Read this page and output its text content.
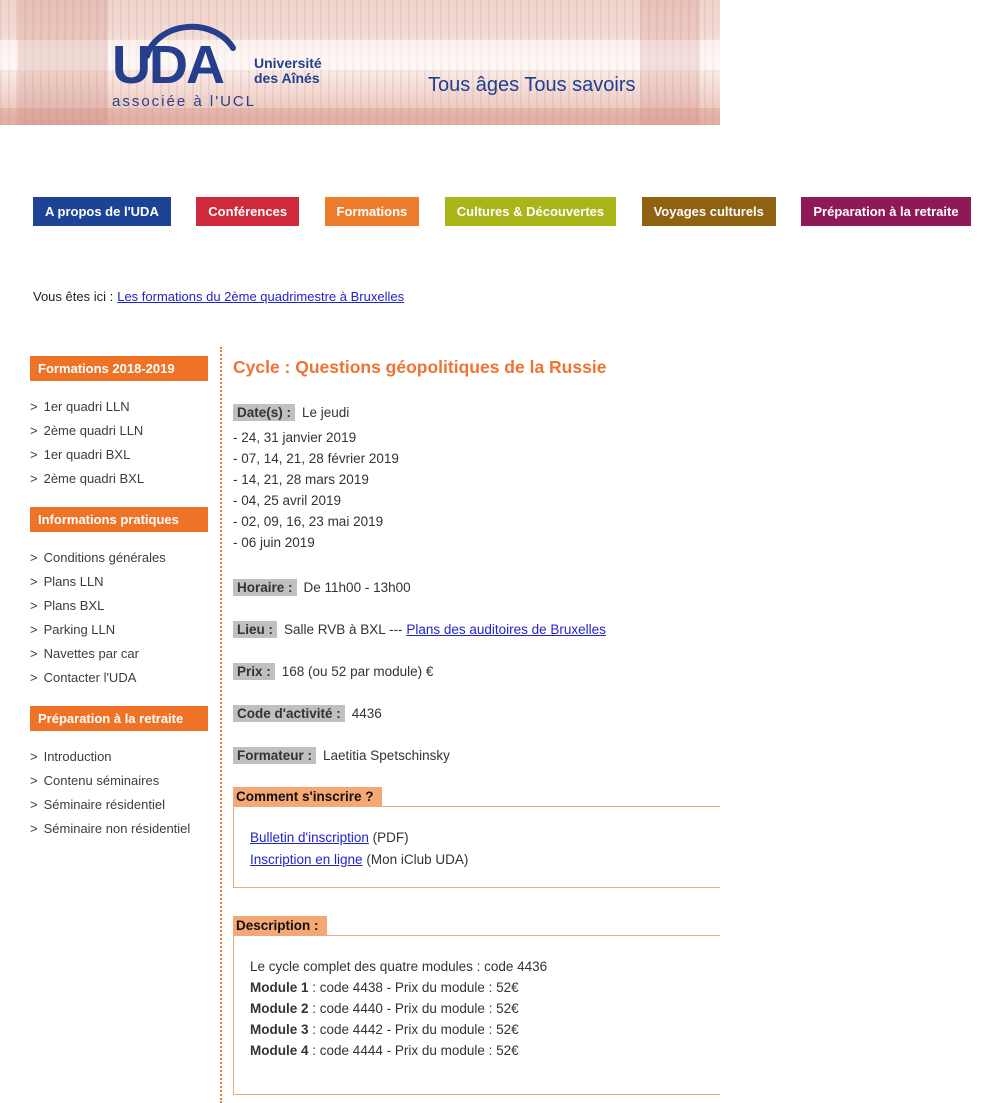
UDA Université
des Aînés
associée à l'UCL
Tous âges Tous savoirs
A propos de l'UDA	Conférences	Formations	Cultures & Découvertes	Voyages culturels	Préparation à la retraite
Vous êtes ici : Les formations du 2ème quadrimestre à Bruxelles
Formations 2018-2019
> 1er quadri LLN
> 2ème quadri LLN
> 1er quadri BXL
> 2ème quadri BXL
Informations pratiques
> Conditions générales
> Plans LLN
> Plans BXL
> Parking LLN
> Navettes par car
> Contacter l'UDA
Préparation à la retraite
> Introduction
> Contenu séminaires
> Séminaire résidentiel
> Séminaire non résidentiel
Cycle : Questions géopolitiques de la Russie
Date(s) : Le jeudi
- 24, 31 janvier 2019
- 07, 14, 21, 28 février 2019
- 14, 21, 28 mars 2019
- 04, 25 avril 2019
- 02, 09, 16, 23 mai 2019
- 06 juin 2019
Horaire : De 11h00 - 13h00
Lieu : Salle RVB à BXL --- Plans des auditoires de Bruxelles
Prix : 168 (ou 52 par module) €
Code d'activité : 4436
Formateur : Laetitia Spetschinsky
Comment s'inscrire ?
Bulletin d'inscription (PDF)
Inscription en ligne (Mon iClub UDA)
Description :
Le cycle complet des quatre modules : code 4436
Module 1 : code 4438 - Prix du module : 52€
Module 2 : code 4440 - Prix du module : 52€
Module 3 : code 4442 - Prix du module : 52€
Module 4 : code 4444 - Prix du module : 52€
